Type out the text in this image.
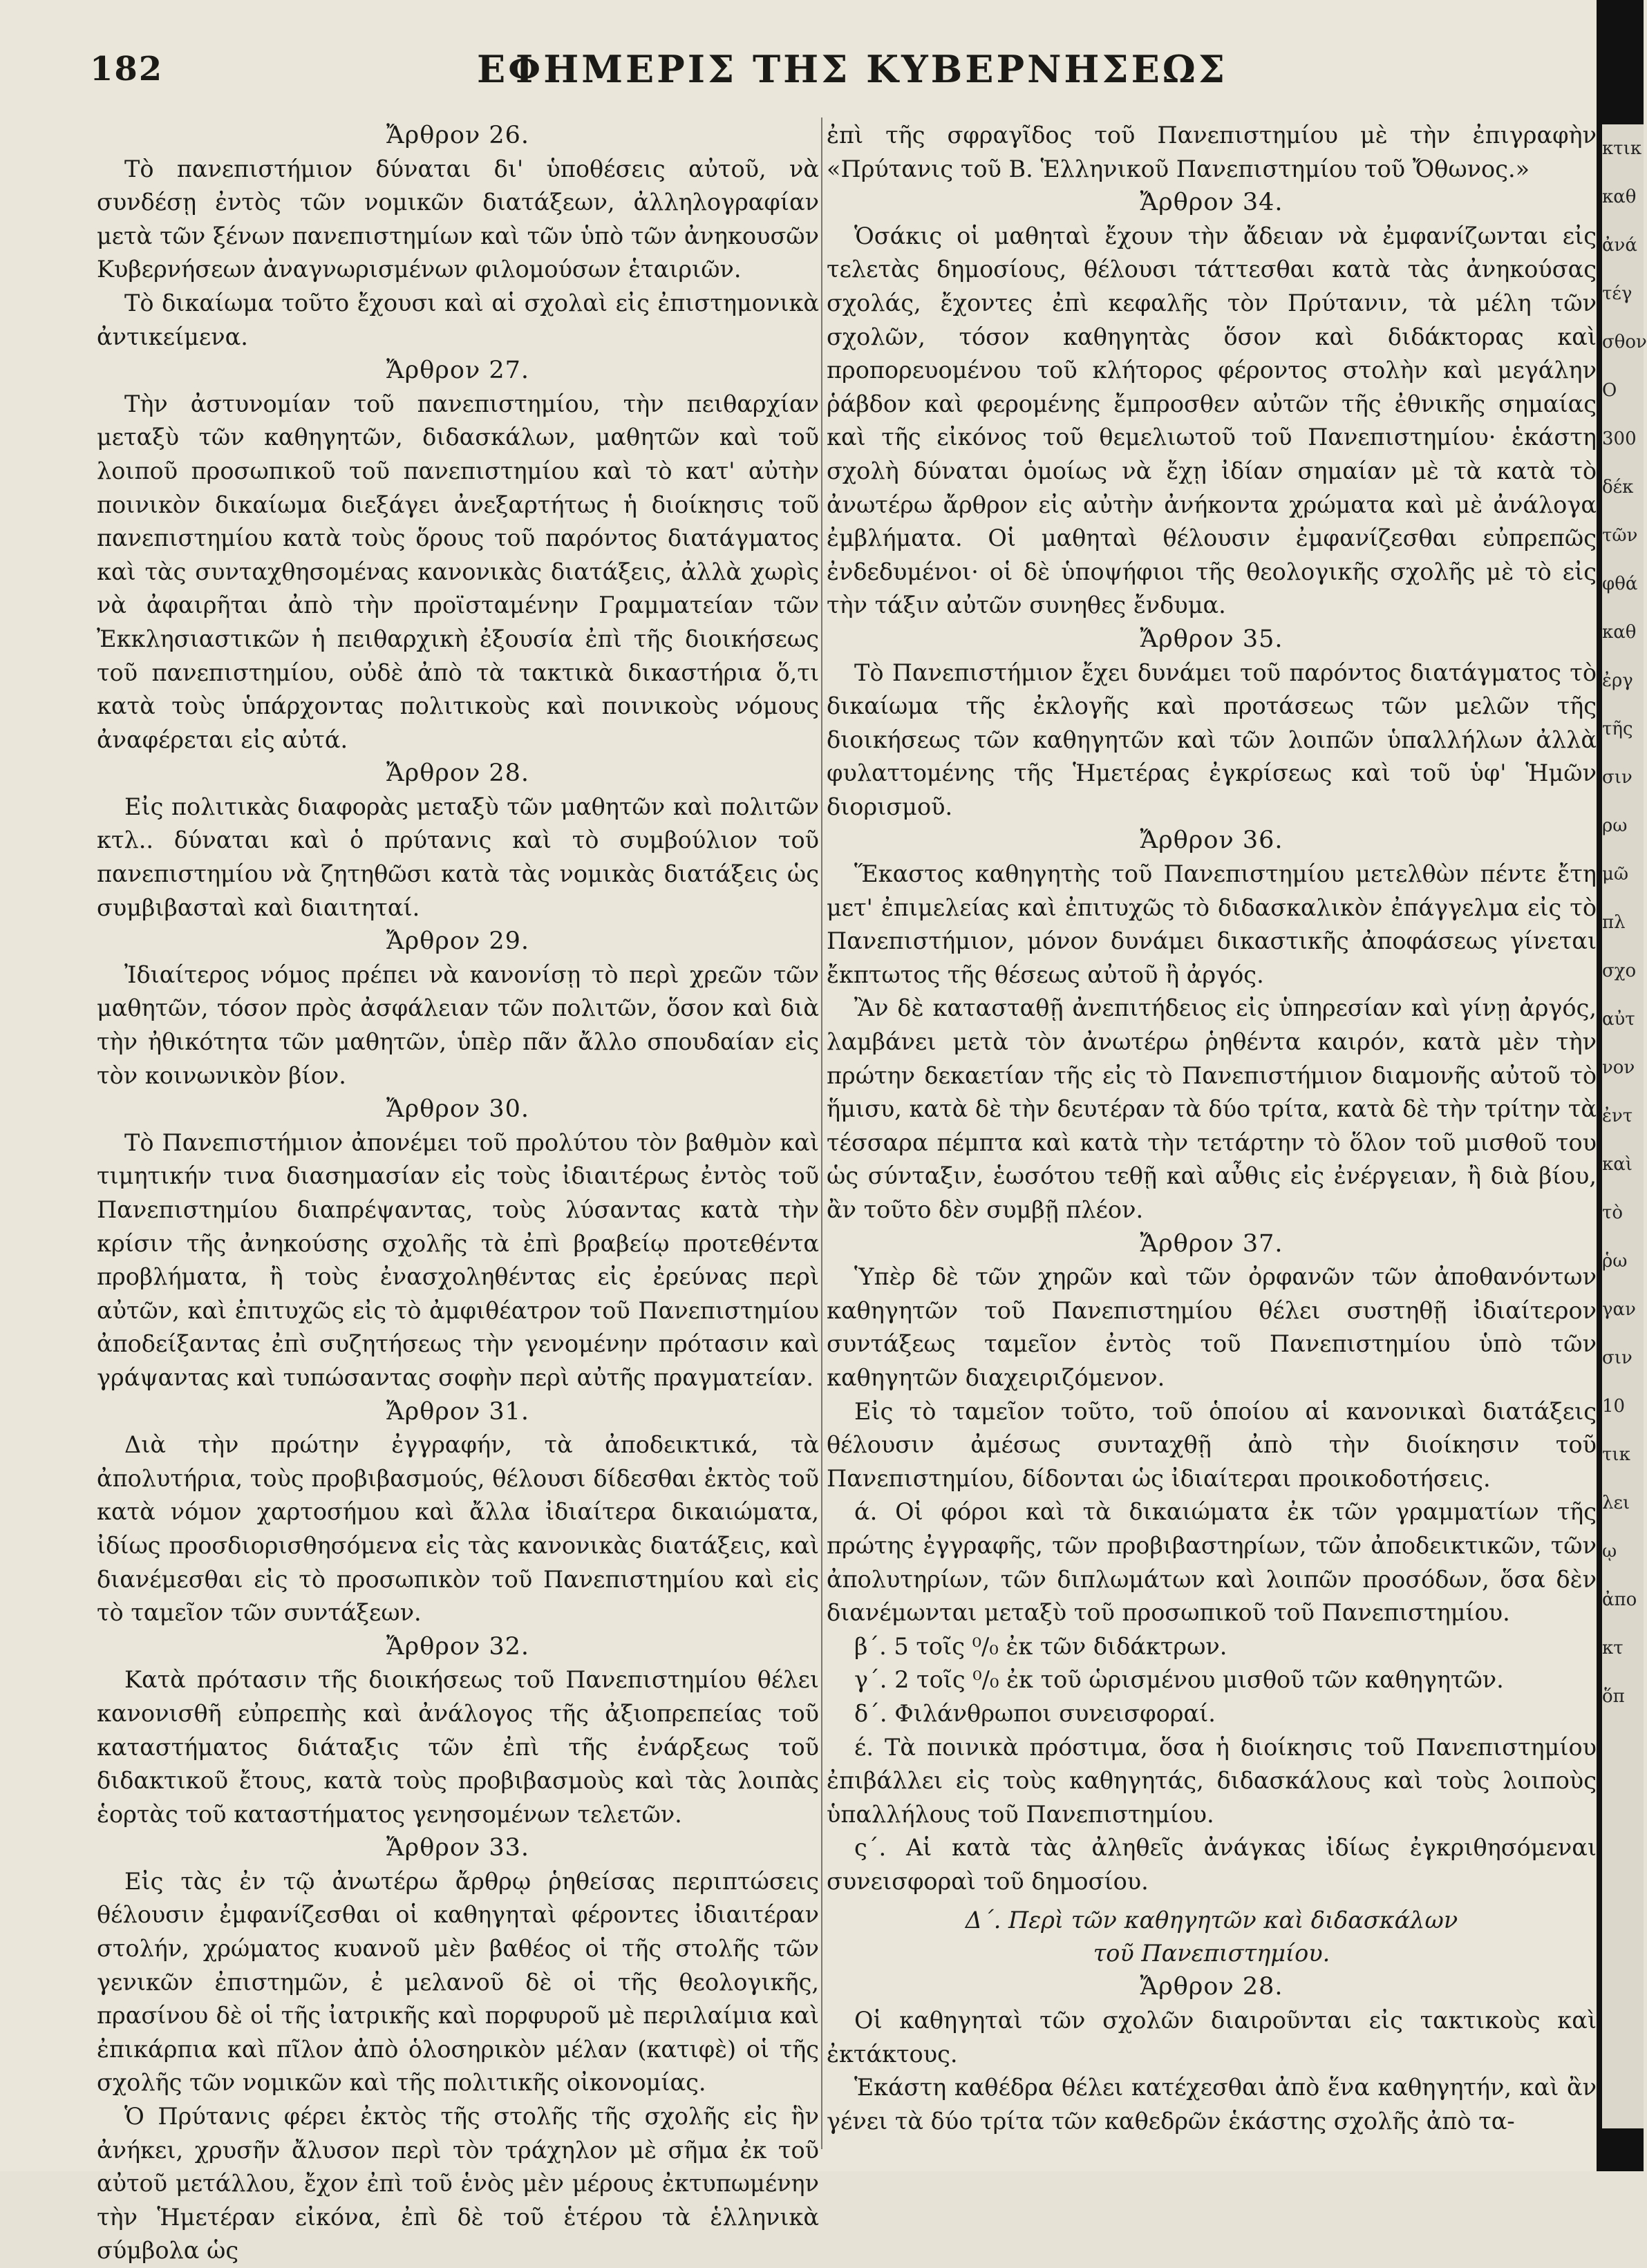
182	ΕΦΗΜΕΡΙΣ ΤΗΣ ΚΥΒΕΡΝΗΣΕΩΣ
Ἄρθρον 26.

Τὸ πανεπιστήμιον δύναται δι' ὑποθέσεις αὐτοῦ, νὰ συνδέσῃ ἐντὸς τῶν νομικῶν διατάξεων, ἀλληλογραφίαν μετὰ τῶν ξένων πανεπιστημίων καὶ τῶν ὑπὸ τῶν ἀνηκουσῶν Κυβερνήσεων ἀναγνωρισμένων φιλομούσων ἑταιριῶν.

Τὸ δικαίωμα τοῦτο ἔχουσι καὶ αἱ σχολαὶ εἰς ἐπιστημονικὰ ἀντικείμενα.

Ἄρθρον 27.

Τὴν ἀστυνομίαν τοῦ πανεπιστημίου, τὴν πειθαρχίαν μεταξὺ τῶν καθηγητῶν, διδασκάλων, μαθητῶν καὶ τοῦ λοιποῦ προσωπικοῦ τοῦ πανεπιστημίου καὶ τὸ κατ' αὐτὴν ποινικὸν δικαίωμα διεξάγει ἀνεξαρτήτως ἡ διοίκησις τοῦ πανεπιστημίου κατὰ τοὺς ὅρους τοῦ παρόντος διατάγματος καὶ τὰς συνταχθησομένας κανονικὰς διατάξεις, ἀλλὰ χωρὶς νὰ ἀφαιρῆται ἀπὸ τὴν προϊσταμένην Γραμματείαν τῶν Ἐκκλησιαστικῶν ἡ πειθαρχικὴ ἐξουσία ἐπὶ τῆς διοικήσεως τοῦ πανεπιστημίου, οὐδὲ ἀπὸ τὰ τακτικὰ δικαστήρια ὅ,τι κατὰ τοὺς ὑπάρχοντας πολιτικοὺς καὶ ποινικοὺς νόμους ἀναφέρεται εἰς αὐτά.

Ἄρθρον 28.

Εἰς πολιτικὰς διαφορὰς μεταξὺ τῶν μαθητῶν καὶ πολιτῶν κτλ.. δύναται καὶ ὁ πρύτανις καὶ τὸ συμβούλιον τοῦ πανεπιστημίου νὰ ζητηθῶσι κατὰ τὰς νομικὰς διατάξεις ὡς συμβιβασταὶ καὶ διαιτηταί.

Ἄρθρον 29.

Ἰδιαίτερος νόμος πρέπει νὰ κανονίσῃ τὸ περὶ χρεῶν τῶν μαθητῶν, τόσον πρὸς ἀσφάλειαν τῶν πολιτῶν, ὅσον καὶ διὰ τὴν ἠθικότητα τῶν μαθητῶν, ὑπὲρ πᾶν ἄλλο σπουδαίαν εἰς τὸν κοινωνικὸν βίον.

Ἄρθρον 30.

Τὸ Πανεπιστήμιον ἀπονέμει τοῦ προλύτου τὸν βαθμὸν καὶ τιμητικήν τινα διασημασίαν εἰς τοὺς ἰδιαιτέρως ἐντὸς τοῦ Πανεπιστημίου διαπρέψαντας, τοὺς λύσαντας κατὰ τὴν κρίσιν τῆς ἀνηκούσης σχολῆς τὰ ἐπὶ βραβείῳ προτεθέντα προβλήματα, ἢ τοὺς ἐνασχοληθέντας εἰς ἐρεύνας περὶ αὐτῶν, καὶ ἐπιτυχῶς εἰς τὸ ἀμφιθέατρον τοῦ Πανεπιστημίου ἀποδείξαντας ἐπὶ συζητήσεως τὴν γενομένην πρότασιν καὶ γράψαντας καὶ τυπώσαντας σοφὴν περὶ αὐτῆς πραγματείαν.

Ἄρθρον 31.

Διὰ τὴν πρώτην ἐγγραφήν, τὰ ἀποδεικτικά, τὰ ἀπολυτήρια, τοὺς προβιβασμούς, θέλουσι δίδεσθαι ἐκτὸς τοῦ κατὰ νόμον χαρτοσήμου καὶ ἄλλα ἰδιαίτερα δικαιώματα, ἰδίως προσδιορισθησόμενα εἰς τὰς κανονικὰς διατάξεις, καὶ διανέμεσθαι εἰς τὸ προσωπικὸν τοῦ Πανεπιστημίου καὶ εἰς τὸ ταμεῖον τῶν συντάξεων.

Ἄρθρον 32.

Κατὰ πρότασιν τῆς διοικήσεως τοῦ Πανεπιστημίου θέλει κανονισθῆ εὐπρεπὴς καὶ ἀνάλογος τῆς ἀξιοπρεπείας τοῦ καταστήματος διάταξις τῶν ἐπὶ τῆς ἐνάρξεως τοῦ διδακτικοῦ ἔτους, κατὰ τοὺς προβιβασμοὺς καὶ τὰς λοιπὰς ἑορτὰς τοῦ καταστήματος γενησομένων τελετῶν.

Ἄρθρον 33.

Εἰς τὰς ἐν τῷ ἀνωτέρω ἄρθρῳ ῥηθείσας περιπτώσεις θέλουσιν ἐμφανίζεσθαι οἱ καθηγηταὶ φέροντες ἰδιαιτέραν στολήν, χρώματος κυανοῦ μὲν βαθέος οἱ τῆς στολῆς τῶν γενικῶν ἐπιστημῶν, ἐ μελανοῦ δὲ οἱ τῆς θεολογικῆς, πρασίνου δὲ οἱ τῆς ἰατρικῆς καὶ πορφυροῦ μὲ περιλαίμια καὶ ἐπικάρπια καὶ πῖλον ἀπὸ ὁλοσηρικὸν μέλαν (κατιφὲ) οἱ τῆς σχολῆς τῶν νομικῶν καὶ τῆς πολιτικῆς οἰκονομίας.

Ὁ Πρύτανις φέρει ἐκτὸς τῆς στολῆς τῆς σχολῆς εἰς ἣν ἀνήκει, χρυσῆν ἄλυσον περὶ τὸν τράχηλον μὲ σῆμα ἐκ τοῦ αὐτοῦ μετάλλου, ἔχον ἐπὶ τοῦ ἑνὸς μὲν μέρους ἐκτυπωμένην τὴν Ἡμετέραν εἰκόνα, ἐπὶ δὲ τοῦ ἑτέρου τὰ ἑλληνικὰ σύμβολα ὡς

ἐπὶ τῆς σφραγῖδος τοῦ Πανεπιστημίου μὲ τὴν ἐπιγραφὴν «Πρύτανις τοῦ Β. Ἑλληνικοῦ Πανεπιστημίου τοῦ Ὄθωνος.»

Ἄρθρον 34.

Ὁσάκις οἱ μαθηταὶ ἔχουν τὴν ἄδειαν νὰ ἐμφανίζωνται εἰς τελετὰς δημοσίους, θέλουσι τάττεσθαι κατὰ τὰς ἀνηκούσας σχολάς, ἔχοντες ἐπὶ κεφαλῆς τὸν Πρύτανιν, τὰ μέλη τῶν σχολῶν, τόσον καθηγητὰς ὅσον καὶ διδάκτορας καὶ προπορευομένου τοῦ κλήτορος φέροντος στολὴν καὶ μεγάλην ῥάβδον καὶ φερομένης ἔμπροσθεν αὐτῶν τῆς ἐθνικῆς σημαίας καὶ τῆς εἰκόνος τοῦ θεμελιωτοῦ τοῦ Πανεπιστημίου· ἑκάστη σχολὴ δύναται ὁμοίως νὰ ἔχῃ ἰδίαν σημαίαν μὲ τὰ κατὰ τὸ ἀνωτέρω ἄρθρον εἰς αὐτὴν ἀνήκοντα χρώματα καὶ μὲ ἀνάλογα ἐμβλήματα. Οἱ μαθηταὶ θέλουσιν ἐμφανίζεσθαι εὐπρεπῶς ἐνδεδυμένοι· οἱ δὲ ὑποψήφιοι τῆς θεολογικῆς σχολῆς μὲ τὸ εἰς τὴν τάξιν αὐτῶν συνηθες ἔνδυμα.

Ἄρθρον 35.

Τὸ Πανεπιστήμιον ἔχει δυνάμει τοῦ παρόντος διατάγματος τὸ δικαίωμα τῆς ἐκλογῆς καὶ προτάσεως τῶν μελῶν τῆς διοικήσεως τῶν καθηγητῶν καὶ τῶν λοιπῶν ὑπαλλήλων ἀλλὰ φυλαττομένης τῆς Ἡμετέρας ἐγκρίσεως καὶ τοῦ ὑφ' Ἡμῶν διορισμοῦ.

Ἄρθρον 36.

Ἕκαστος καθηγητὴς τοῦ Πανεπιστημίου μετελθὼν πέντε ἔτη μετ' ἐπιμελείας καὶ ἐπιτυχῶς τὸ διδασκαλικὸν ἐπάγγελμα εἰς τὸ Πανεπιστήμιον, μόνον δυνάμει δικαστικῆς ἀποφάσεως γίνεται ἔκπτωτος τῆς θέσεως αὐτοῦ ἢ ἀργός.

Ἂν δὲ κατασταθῇ ἀνεπιτήδειος εἰς ὑπηρεσίαν καὶ γίνῃ ἀργός, λαμβάνει μετὰ τὸν ἀνωτέρω ῥηθέντα καιρόν, κατὰ μὲν τὴν πρώτην δεκαετίαν τῆς εἰς τὸ Πανεπιστήμιον διαμονῆς αὐτοῦ τὸ ἥμισυ, κατὰ δὲ τὴν δευτέραν τὰ δύο τρίτα, κατὰ δὲ τὴν τρίτην τὰ τέσσαρα πέμπτα καὶ κατὰ τὴν τετάρτην τὸ ὅλον τοῦ μισθοῦ του ὡς σύνταξιν, ἑωσότου τεθῇ καὶ αὖθις εἰς ἐνέργειαν, ἢ διὰ βίου, ἂν τοῦτο δὲν συμβῇ πλέον.

Ἄρθρον 37.

Ὑπὲρ δὲ τῶν χηρῶν καὶ τῶν ὀρφανῶν τῶν ἀποθανόντων καθηγητῶν τοῦ Πανεπιστημίου θέλει συστηθῇ ἰδιαίτερον συντάξεως ταμεῖον ἐντὸς τοῦ Πανεπιστημίου ὑπὸ τῶν καθηγητῶν διαχειριζόμενον.

Εἰς τὸ ταμεῖον τοῦτο, τοῦ ὁποίου αἱ κανονικαὶ διατάξεις θέλουσιν ἀμέσως συνταχθῇ ἀπὸ τὴν διοίκησιν τοῦ Πανεπιστημίου, δίδονται ὡς ἰδιαίτεραι προικοδοτήσεις.

ά. Οἱ φόροι καὶ τὰ δικαιώματα ἐκ τῶν γραμματίων τῆς πρώτης ἐγγραφῆς, τῶν προβιβαστηρίων, τῶν ἀποδεικτικῶν, τῶν ἀπολυτηρίων, τῶν διπλωμάτων καὶ λοιπῶν προσόδων, ὅσα δὲν διανέμωνται μεταξὺ τοῦ προσωπικοῦ τοῦ Πανεπιστημίου.

β΄. 5 τοῖς ⁰/₀ ἐκ τῶν διδάκτρων.

γ΄. 2 τοῖς ⁰/₀ ἐκ τοῦ ὡρισμένου μισθοῦ τῶν καθηγητῶν.

δ΄. Φιλάνθρωποι συνεισφοραί.

έ. Τὰ ποινικὰ πρόστιμα, ὅσα ἡ διοίκησις τοῦ Πανεπιστημίου ἐπιβάλλει εἰς τοὺς καθηγητάς, διδασκάλους καὶ τοὺς λοιποὺς ὑπαλλήλους τοῦ Πανεπιστημίου.

ς΄. Αἱ κατὰ τὰς ἀληθεῖς ἀνάγκας ἰδίως ἐγκριθησόμεναι συνεισφοραὶ τοῦ δημοσίου.

Δ΄. Περὶ τῶν καθηγητῶν καὶ διδασκάλων
τοῦ Πανεπιστημίου.
Ἄρθρον 28.

Οἱ καθηγηταὶ τῶν σχολῶν διαιροῦνται εἰς τακτικοὺς καὶ ἐκτάκτους.

Ἑκάστη καθέδρα θέλει κατέχεσθαι ἀπὸ ἕνα καθηγητήν, καὶ ἂν γένει τὰ δύο τρίτα τῶν καθεδρῶν ἑκάστης σχολῆς ἀπὸ τα-

κτικ
καθ
ἀνά
τέγ
σθον
Ο
300
δέκ
τῶν
φθά
καθ
ἐργ
τῆς
σιν
ρω
μῶ
πλ
σχο
αὐτ
νον
ἐντ
καὶ
τὸ
ῥω
γαν
σιν
10
τικ
λει
ῳ
ἀπο
κτ
ὅπ
